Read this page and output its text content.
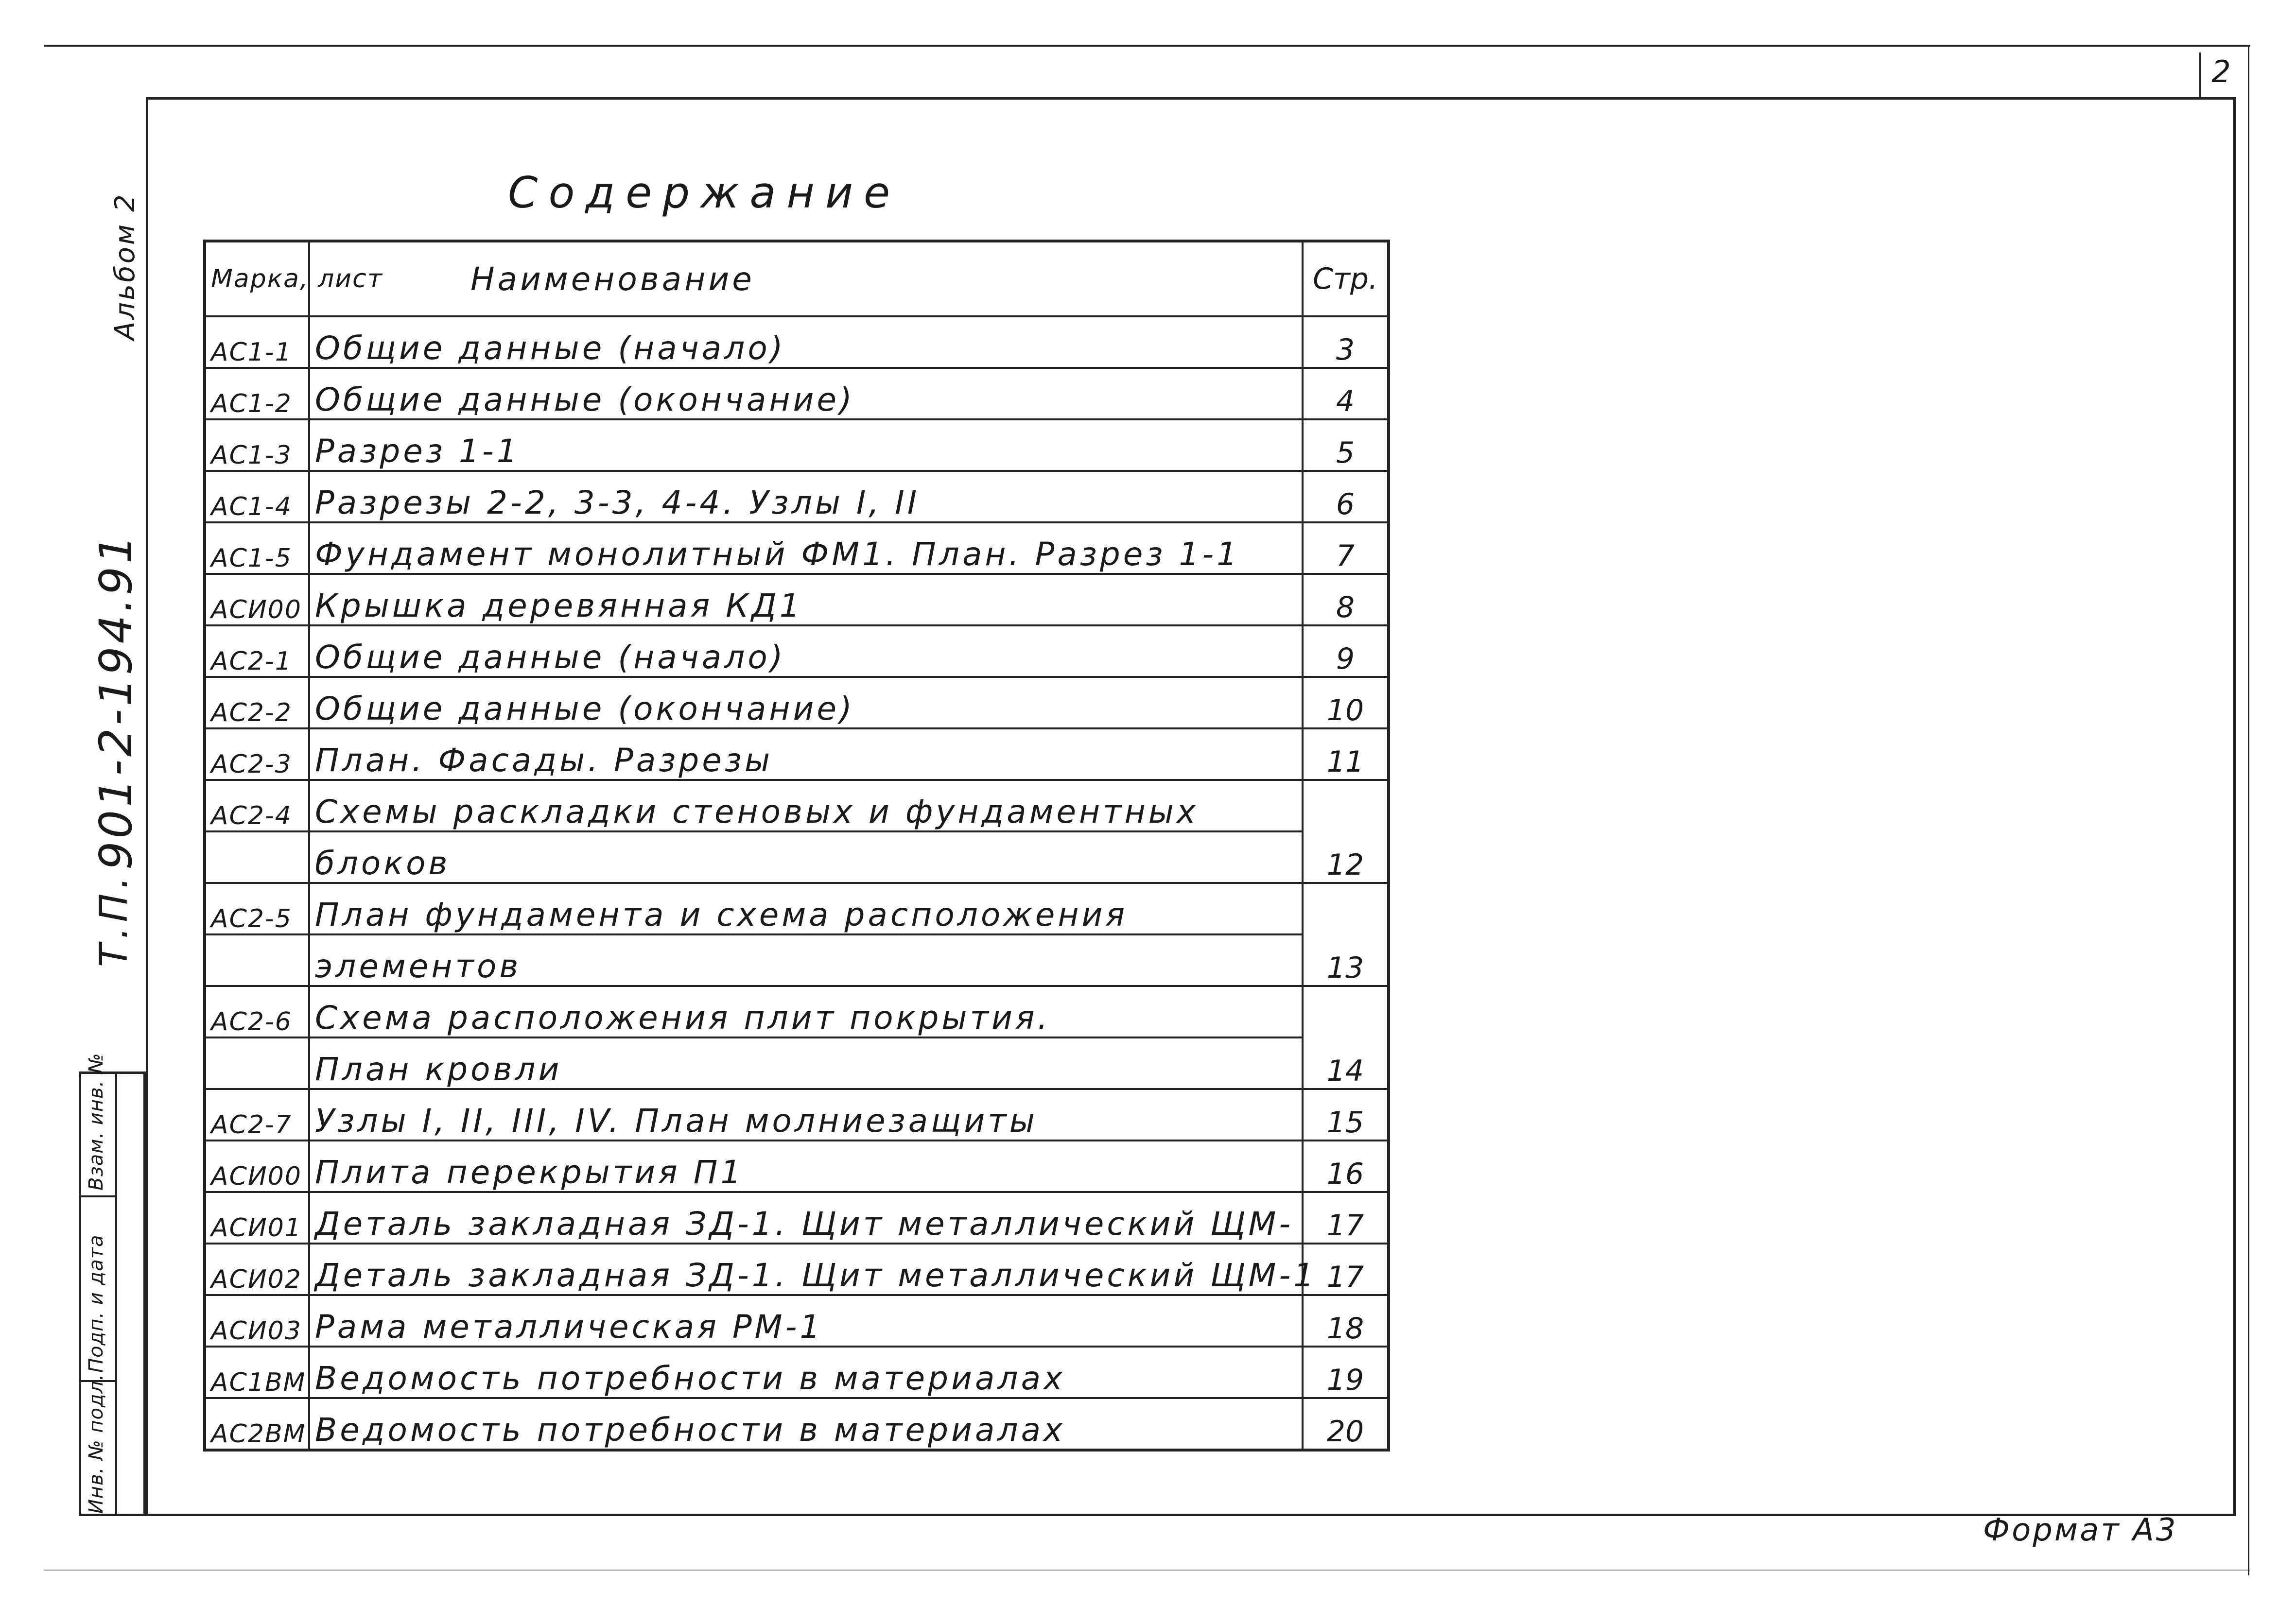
2
Содержание
Марка, лист	Наименование	Стр.
АС1-1	Общие данные (начало)	3
АС1-2	Общие данные (окончание)	4
АС1-3	Разрез 1-1	5
АС1-4	Разрезы 2-2, 3-3, 4-4. Узлы I, II	6
АС1-5	Фундамент монолитный ФМ1. План. Разрез 1-1	7
АСИ00	Крышка деревянная КД1	8
АС2-1	Общие данные (начало)	9
АС2-2	Общие данные (окончание)	10
АС2-3	План. Фасады. Разрезы	11
АС2-4	Схемы раскладки стеновых и фундаментных	
	блоков	12
АС2-5	План фундамента и схема расположения	
	элементов	13
АС2-6	Схема расположения плит покрытия.	
	План кровли	14
АС2-7	Узлы I, II, III, IV. План молниезащиты	15
АСИ00	Плита перекрытия П1	16
АСИ01	Деталь закладная ЗД-1. Щит металлический ЩМ-	17
АСИ02	Деталь закладная ЗД-1. Щит металлический ЩМ-1	17
АСИ03	Рама металлическая РМ-1	18
АС1ВМ	Ведомость потребности в материалах	19
АС2ВМ	Ведомость потребности в материалах	20
Альбом 2
901-2-194.91
Т.П.
Взам. инв. №
Подп. и дата
Инв. № подл.
Формат А3
